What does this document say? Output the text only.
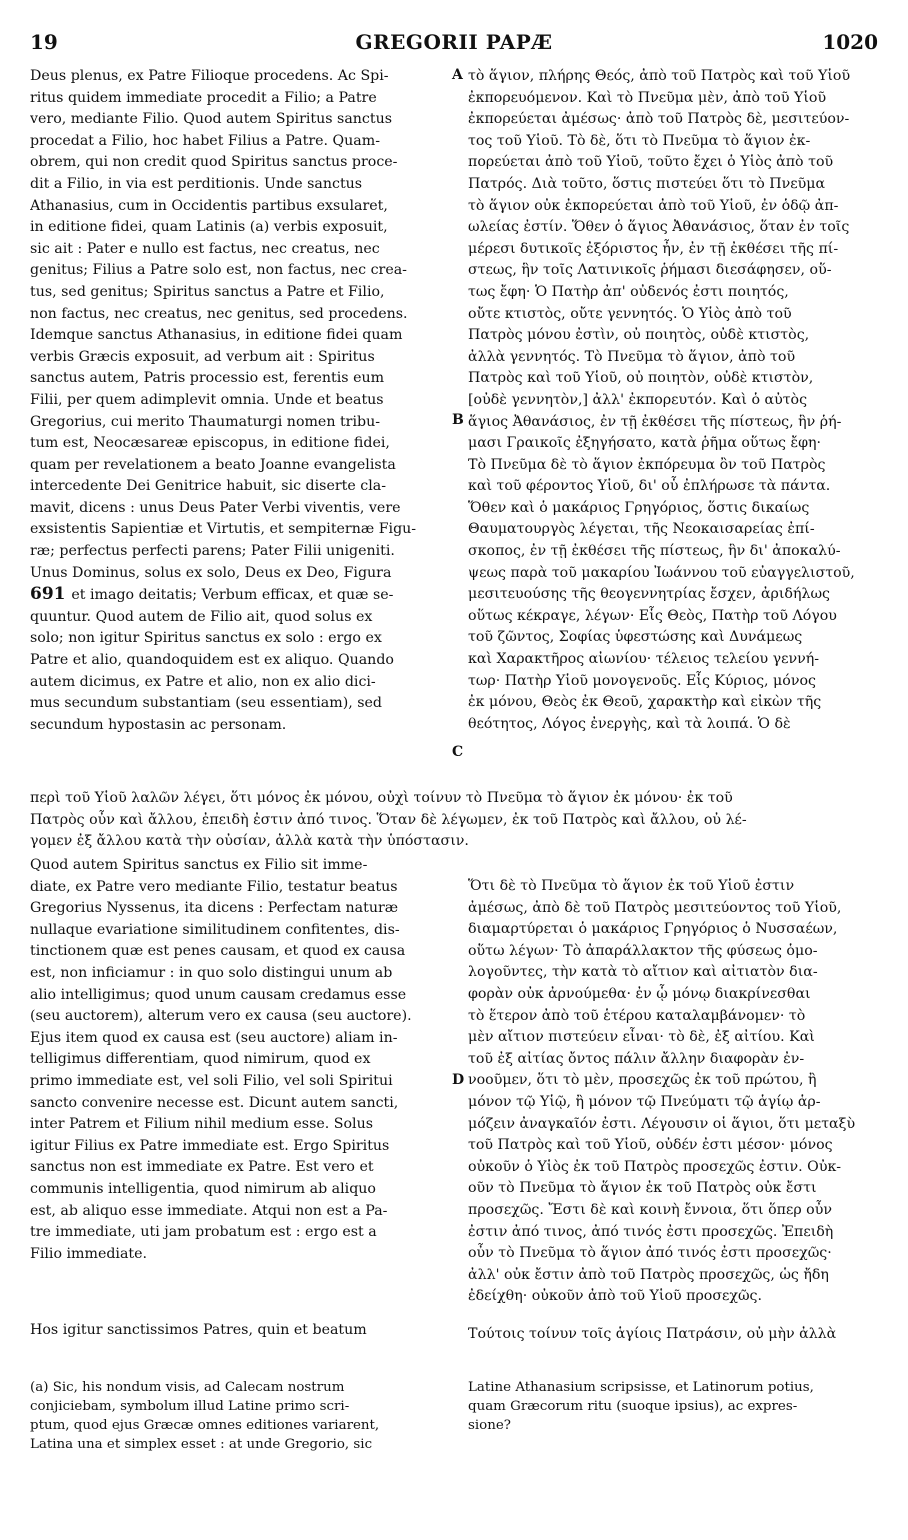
19	GREGORII PAPÆ	1020
A
B
C
D
Deus plenus, ex Patre Filioque procedens. Ac Spi-
ritus quidem immediate procedit a Filio; a Patre
vero, mediante Filio. Quod autem Spiritus sanctus
procedat a Filio, hoc habet Filius a Patre. Quam-
obrem, qui non credit quod Spiritus sanctus proce-
dit a Filio, in via est perditionis. Unde sanctus
Athanasius, cum in Occidentis partibus exsularet,
in editione fidei, quam Latinis (a) verbis exposuit,
sic ait : Pater e nullo est factus, nec creatus, nec
genitus; Filius a Patre solo est, non factus, nec crea-
tus, sed genitus; Spiritus sanctus a Patre et Filio,
non factus, nec creatus, nec genitus, sed procedens.
Idemque sanctus Athanasius, in editione fidei quam
verbis Græcis exposuit, ad verbum ait : Spiritus
sanctus autem, Patris processio est, ferentis eum
Filii, per quem adimplevit omnia. Unde et beatus
Gregorius, cui merito Thaumaturgi nomen tribu-
tum est, Neocæsareæ episcopus, in editione fidei,
quam per revelationem a beato Joanne evangelista
intercedente Dei Genitrice habuit, sic diserte cla-
mavit, dicens : unus Deus Pater Verbi viventis, vere
exsistentis Sapientiæ et Virtutis, et sempiternæ Figu-
ræ; perfectus perfecti parens; Pater Filii unigeniti.
Unus Dominus, solus ex solo, Deus ex Deo, Figura
691 et imago deitatis; Verbum efficax, et quæ se-
quuntur. Quod autem de Filio ait, quod solus ex
solo; non igitur Spiritus sanctus ex solo : ergo ex
Patre et alio, quandoquidem est ex aliquo. Quando
autem dicimus, ex Patre et alio, non ex alio dici-
mus secundum substantiam (seu essentiam), sed
secundum hypostasin ac personam.
τὸ ἅγιον, πλήρης Θεός, ἀπὸ τοῦ Πατρὸς καὶ τοῦ Υἱοῦ
ἐκπορευόμενον. Καὶ τὸ Πνεῦμα μὲν, ἀπὸ τοῦ Υἱοῦ
ἐκπορεύεται ἀμέσως· ἀπὸ τοῦ Πατρὸς δὲ, μεσιτεύον-
τος τοῦ Υἱοῦ. Τὸ δὲ, ὅτι τὸ Πνεῦμα τὸ ἅγιον ἐκ-
πορεύεται ἀπὸ τοῦ Υἱοῦ, τοῦτο ἔχει ὁ Υἱὸς ἀπὸ τοῦ
Πατρός. Διὰ τοῦτο, ὅστις πιστεύει ὅτι τὸ Πνεῦμα
τὸ ἅγιον οὐκ ἐκπορεύεται ἀπὸ τοῦ Υἱοῦ, ἐν ὁδῷ ἀπ-
ωλείας ἐστίν. Ὅθεν ὁ ἅγιος Ἀθανάσιος, ὅταν ἐν τοῖς
μέρεσι δυτικοῖς ἐξόριστος ἦν, ἐν τῇ ἐκθέσει τῆς πί-
στεως, ἣν τοῖς Λατινικοῖς ῥήμασι διεσάφησεν, οὕ-
τως ἔφη· Ὁ Πατὴρ ἀπ' οὐδενός ἐστι ποιητός,
οὔτε κτιστὸς, οὔτε γεννητός. Ὁ Υἱὸς ἀπὸ τοῦ
Πατρὸς μόνου ἐστὶν, οὐ ποιητὸς, οὐδὲ κτιστὸς,
ἀλλὰ γεννητός. Τὸ Πνεῦμα τὸ ἅγιον, ἀπὸ τοῦ
Πατρὸς καὶ τοῦ Υἱοῦ, οὐ ποιητὸν, οὐδὲ κτιστὸν,
[οὐδὲ γεννητὸν,] ἀλλ' ἐκπορευτόν. Καὶ ὁ αὐτὸς
ἅγιος Ἀθανάσιος, ἐν τῇ ἐκθέσει τῆς πίστεως, ἣν ῥή-
μασι Γραικοῖς ἐξηγήσατο, κατὰ ῥῆμα οὕτως ἔφη·
Τὸ Πνεῦμα δὲ τὸ ἅγιον ἐκπόρευμα ὂν τοῦ Πατρὸς
καὶ τοῦ φέροντος Υἱοῦ, δι' οὗ ἐπλήρωσε τὰ πάντα.
Ὅθεν καὶ ὁ μακάριος Γρηγόριος, ὅστις δικαίως
Θαυματουργὸς λέγεται, τῆς Νεοκαισαρείας ἐπί-
σκοπος, ἐν τῇ ἐκθέσει τῆς πίστεως, ἣν δι' ἀποκαλύ-
ψεως παρὰ τοῦ μακαρίου Ἰωάννου τοῦ εὐαγγελιστοῦ,
μεσιτευούσης τῆς θεογεννητρίας ἔσχεν, ἀριδήλως
οὕτως κέκραγε, λέγων· Εἷς Θεὸς, Πατὴρ τοῦ Λόγου
τοῦ ζῶντος, Σοφίας ὑφεστώσης καὶ Δυνάμεως
καὶ Χαρακτῆρος αἰωνίου· τέλειος τελείου γεννή-
τωρ· Πατὴρ Υἱοῦ μονογενοῦς. Εἷς Κύριος, μόνος
ἐκ μόνου, Θεὸς ἐκ Θεοῦ, χαρακτὴρ καὶ εἰκὼν τῆς
θεότητος, Λόγος ἐνεργὴς, καὶ τὰ λοιπά. Ὁ δὲ
περὶ τοῦ Υἱοῦ λαλῶν λέγει, ὅτι μόνος ἐκ μόνου, οὐχὶ τοίνυν τὸ Πνεῦμα τὸ ἅγιον ἐκ μόνου· ἐκ τοῦ
Πατρὸς οὖν καὶ ἄλλου, ἐπειδὴ ἐστιν ἀπό τινος. Ὅταν δὲ λέγωμεν, ἐκ τοῦ Πατρὸς καὶ ἄλλου, οὐ λέ-
γομεν ἐξ ἄλλου κατὰ τὴν οὐσίαν, ἀλλὰ κατὰ τὴν ὑπόστασιν.
Quod autem Spiritus sanctus ex Filio sit imme-
diate, ex Patre vero mediante Filio, testatur beatus
Gregorius Nyssenus, ita dicens : Perfectam naturæ
nullaque evariatione similitudinem confitentes, dis-
tinctionem quæ est penes causam, et quod ex causa
est, non inficiamur : in quo solo distingui unum ab
alio intelligimus; quod unum causam credamus esse
(seu auctorem), alterum vero ex causa (seu auctore).
Ejus item quod ex causa est (seu auctore) aliam in-
telligimus differentiam, quod nimirum, quod ex
primo immediate est, vel soli Filio, vel soli Spiritui
sancto convenire necesse est. Dicunt autem sancti,
inter Patrem et Filium nihil medium esse. Solus
igitur Filius ex Patre immediate est. Ergo Spiritus
sanctus non est immediate ex Patre. Est vero et
communis intelligentia, quod nimirum ab aliquo
est, ab aliquo esse immediate. Atqui non est a Pa-
tre immediate, uti jam probatum est : ergo est a
Filio immediate.
Ὅτι δὲ τὸ Πνεῦμα τὸ ἅγιον ἐκ τοῦ Υἱοῦ ἐστιν
ἀμέσως, ἀπὸ δὲ τοῦ Πατρὸς μεσιτεύοντος τοῦ Υἱοῦ,
διαμαρτύρεται ὁ μακάριος Γρηγόριος ὁ Νυσσαέων,
οὕτω λέγων· Τὸ ἀπαράλλακτον τῆς φύσεως ὁμο-
λογοῦντες, τὴν κατὰ τὸ αἴτιον καὶ αἰτιατὸν δια-
φορὰν οὐκ ἀρνούμεθα· ἐν ᾧ μόνῳ διακρίνεσθαι
τὸ ἕτερον ἀπὸ τοῦ ἑτέρου καταλαμβάνομεν· τὸ
μὲν αἴτιον πιστεύειν εἶναι· τὸ δὲ, ἐξ αἰτίου. Καὶ
τοῦ ἐξ αἰτίας ὄντος πάλιν ἄλλην διαφορὰν ἐν-
νοοῦμεν, ὅτι τὸ μὲν, προσεχῶς ἐκ τοῦ πρώτου, ἢ
μόνον τῷ Υἱῷ, ἢ μόνον τῷ Πνεύματι τῷ ἁγίῳ ἁρ-
μόζειν ἀναγκαῖόν ἐστι. Λέγουσιν οἱ ἅγιοι, ὅτι μεταξὺ
τοῦ Πατρὸς καὶ τοῦ Υἱοῦ, οὐδέν ἐστι μέσον· μόνος
οὐκοῦν ὁ Υἱὸς ἐκ τοῦ Πατρὸς προσεχῶς ἐστιν. Οὐκ-
οῦν τὸ Πνεῦμα τὸ ἅγιον ἐκ τοῦ Πατρὸς οὐκ ἔστι
προσεχῶς. Ἔστι δὲ καὶ κοινὴ ἔννοια, ὅτι ὅπερ οὖν
ἐστιν ἀπό τινος, ἀπό τινός ἐστι προσεχῶς. Ἐπειδὴ
οὖν τὸ Πνεῦμα τὸ ἅγιον ἀπό τινός ἐστι προσεχῶς·
ἀλλ' οὐκ ἔστιν ἀπὸ τοῦ Πατρὸς προσεχῶς, ὡς ἤδη
ἐδείχθη· οὐκοῦν ἀπὸ τοῦ Υἱοῦ προσεχῶς.
Hos igitur sanctissimos Patres, quin et beatum	Τούτοις τοίνυν τοῖς ἁγίοις Πατράσιν, οὐ μὴν ἀλλὰ
(a) Sic, his nondum visis, ad Calecam nostrum
conjiciebam, symbolum illud Latine primo scri-
ptum, quod ejus Græcæ omnes editiones variarent,
Latina una et simplex esset : at unde Gregorio, sic
Latine Athanasium scripsisse, et Latinorum potius,
quam Græcorum ritu (suoque ipsius), ac expres-
sione?
